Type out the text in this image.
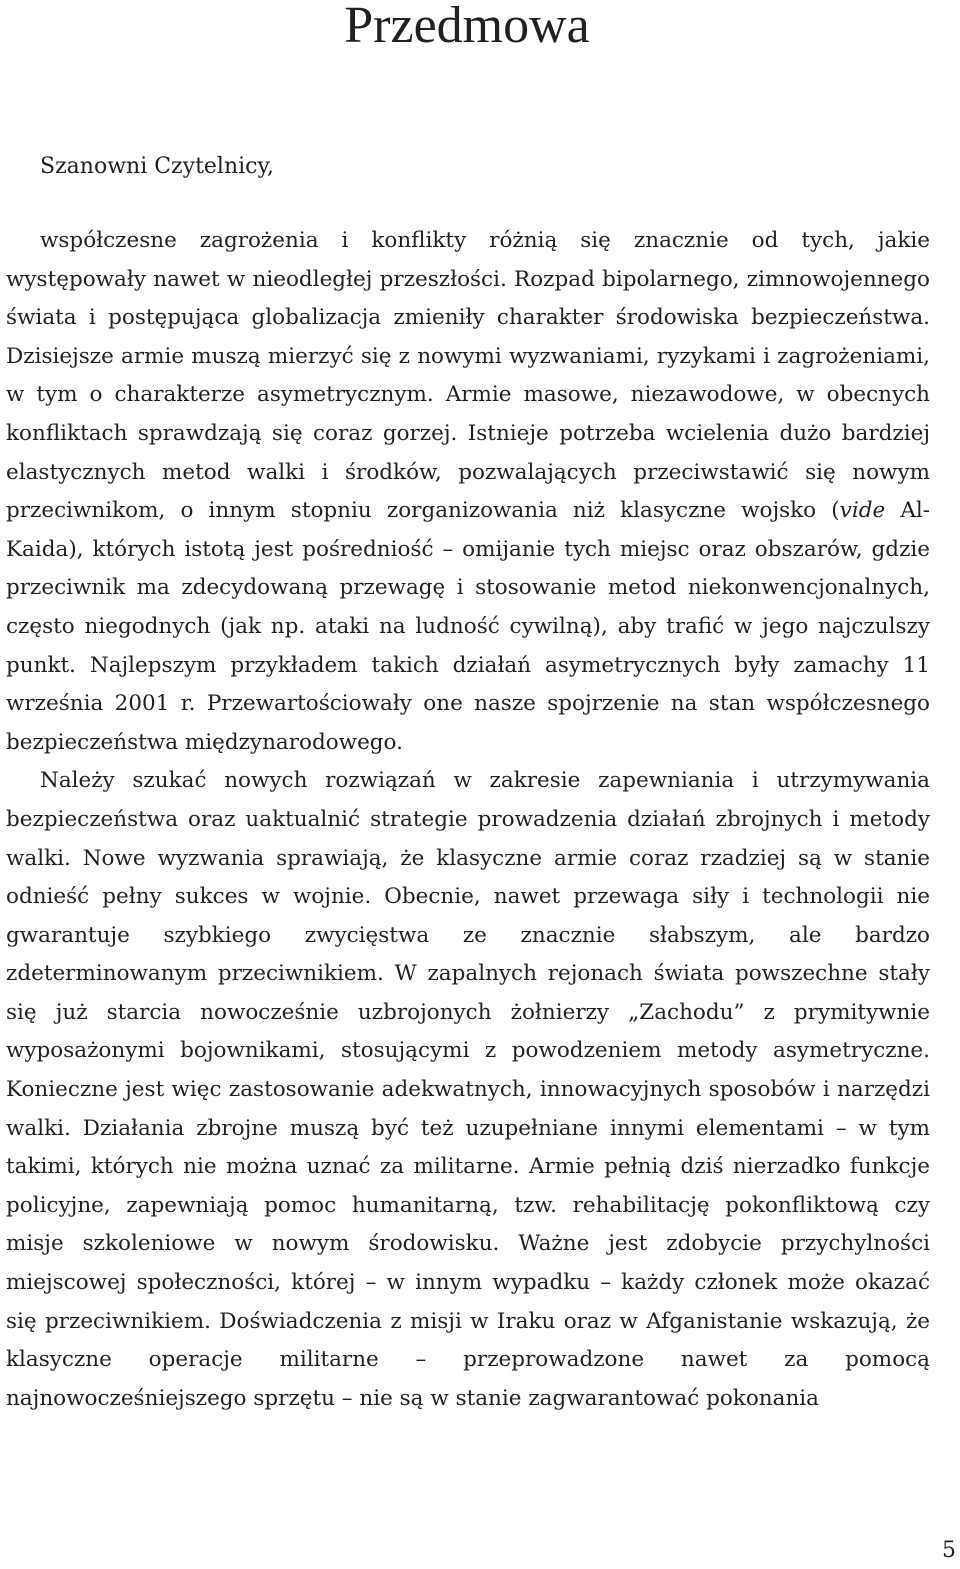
Przedmowa

Szanowni Czytelnicy,

współczesne zagrożenia i konflikty różnią się znacznie od tych, jakie występowały nawet w nieodległej przeszłości. Rozpad bipolarnego, zimnowojennego świata i postępująca globalizacja zmieniły charakter środowiska bezpieczeństwa. Dzisiejsze armie muszą mierzyć się z nowymi wyzwaniami, ryzykami i zagrożeniami, w tym o charakterze asymetrycznym. Armie masowe, niezawodowe, w obecnych konfliktach sprawdzają się coraz gorzej. Istnieje potrzeba wcielenia dużo bardziej elastycznych metod walki i środków, pozwalających przeciwstawić się nowym przeciwnikom, o innym stopniu zorganizowania niż klasyczne wojsko (vide Al-Kaida), których istotą jest pośredniość – omijanie tych miejsc oraz obszarów, gdzie przeciwnik ma zdecydowaną przewagę i stosowanie metod niekonwencjonalnych, często niegodnych (jak np. ataki na ludność cywilną), aby trafić w jego najczulszy punkt. Najlepszym przykładem takich działań asymetrycznych były zamachy 11 września 2001 r. Przewartościowały one nasze spojrzenie na stan współczesnego bezpieczeństwa międzynarodowego.

Należy szukać nowych rozwiązań w zakresie zapewniania i utrzymywania bezpieczeństwa oraz uaktualnić strategie prowadzenia działań zbrojnych i metody walki. Nowe wyzwania sprawiają, że klasyczne armie coraz rzadziej są w stanie odnieść pełny sukces w wojnie. Obecnie, nawet przewaga siły i technologii nie gwarantuje szybkiego zwycięstwa ze znacznie słabszym, ale bardzo zdeterminowanym przeciwnikiem. W zapalnych rejonach świata powszechne stały się już starcia nowocześnie uzbrojonych żołnierzy „Zachodu” z prymitywnie wyposażonymi bojownikami, stosującymi z powodzeniem metody asymetryczne. Konieczne jest więc zastosowanie adekwatnych, innowacyjnych sposobów i narzędzi walki. Działania zbrojne muszą być też uzupełniane innymi elementami – w tym takimi, których nie można uznać za militarne. Armie pełnią dziś nierzadko funkcje policyjne, zapewniają pomoc humanitarną, tzw. rehabilitację pokonfliktową czy misje szkoleniowe w nowym środowisku. Ważne jest zdobycie przychylności miejscowej społeczności, której – w innym wypadku – każdy członek może okazać się przeciwnikiem. Doświadczenia z misji w Iraku oraz w Afganistanie wskazują, że klasyczne operacje militarne – przeprowadzone nawet za pomocą najnowocześniejszego sprzętu – nie są w stanie zagwarantować pokonania

5
